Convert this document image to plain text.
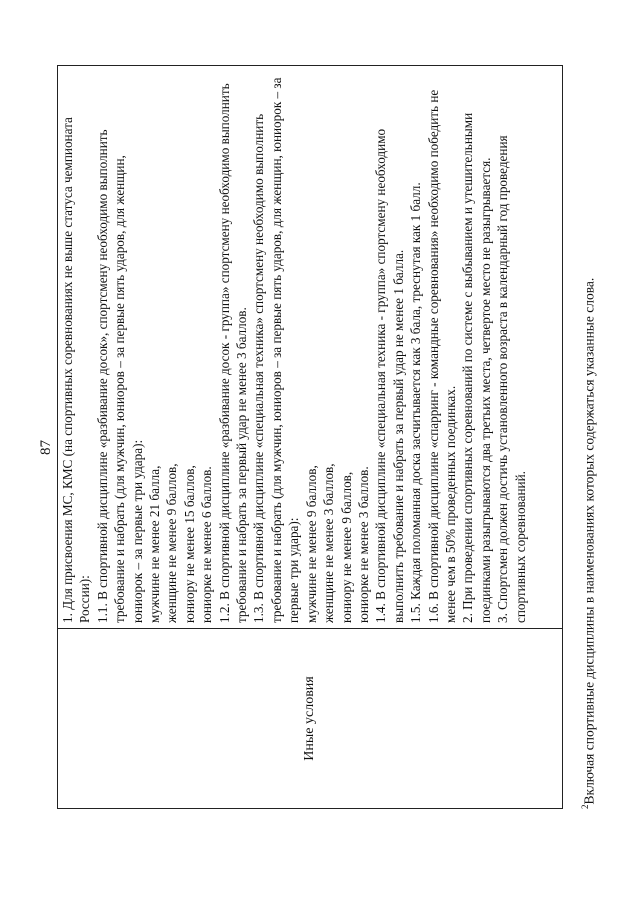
87
Иные условия
1. Для присвоения МС, КМС (на спортивных соревнованиях не выше статуса чемпионата России): 1.1. В спортивной дисциплине «разбивание досок», спортсмену необходимо выполнить требование и набрать (для мужчин, юниоров – за первые пять ударов, для женщин, юниорок – за первые три удара): мужчине не менее 21 балла, женщине не менее 9 баллов, юниору не менее 15 баллов, юниорке не менее 6 баллов. 1.2. В спортивной дисциплине «разбивание досок - группа» спортсмену необходимо выполнить требование и набрать за первый удар не менее 3 баллов. 1.3. В спортивной дисциплине «специальная техника» спортсмену необходимо выполнить требование и набрать (для мужчин, юниоров – за первые пять ударов, для женщин, юниорок – за первые три удара): мужчине не менее 9 баллов, женщине не менее 3 баллов, юниору не менее 9 баллов, юниорке не менее 3 баллов. 1.4. В спортивной дисциплине «специальная техника - группа» спортсмену необходимо выполнить требование и набрать за первый удар не менее 1 балла. 1.5. Каждая поломанная доска засчитывается как 3 бала, треснутая как 1 балл. 1.6. В спортивной дисциплине «спарринг - командные соревнования» необходимо победить не менее чем в 50% проведенных поединках. 2. При проведении спортивных соревнований по системе с выбыванием и утешительными поединками разыгрываются два третьих места, четвертое место не разыгрывается. 3. Спортсмен должен достичь установленного возраста в календарный год проведения спортивных соревнований.
$^2$Включая спортивные дисциплины в наименованиях которых содержаться указанные слова.
